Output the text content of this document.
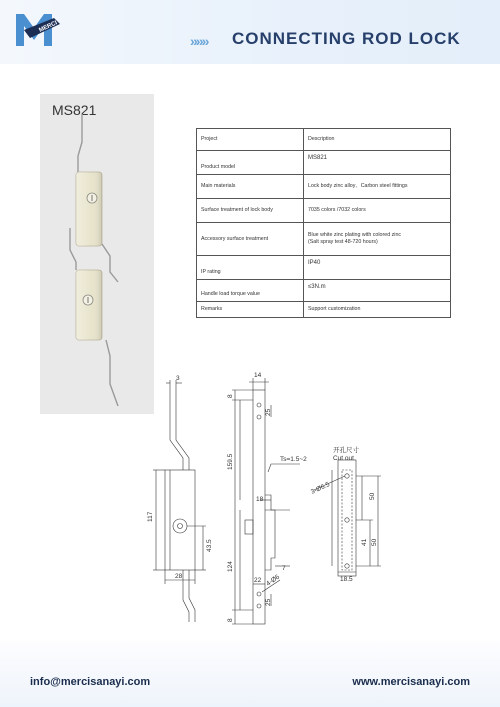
MERCI
»»» CONNECTING ROD LOCK
MS821
Project	Description
Product model	MS821
Main materials	Lock body zinc alloy、Carbon steel fittings
Surface treatment of lock body	7035 colors /7032 colors
Accessory surface treatment	Blue white zinc plating with colored zinc
(Salt spray test 48-720 hours)

IP rating	IP40
Handle load torque value	≤3N.m
Remarks	Support customization
3
117
43.5
28
14
8
25
159.5	Ts=1.5~2
18
7
124
22 4-Ø6
25
8
开孔尺寸
Cut out
3-Ø6.5
50
41 50
18.5
info@mercisanayi.com	www.mercisanayi.com
